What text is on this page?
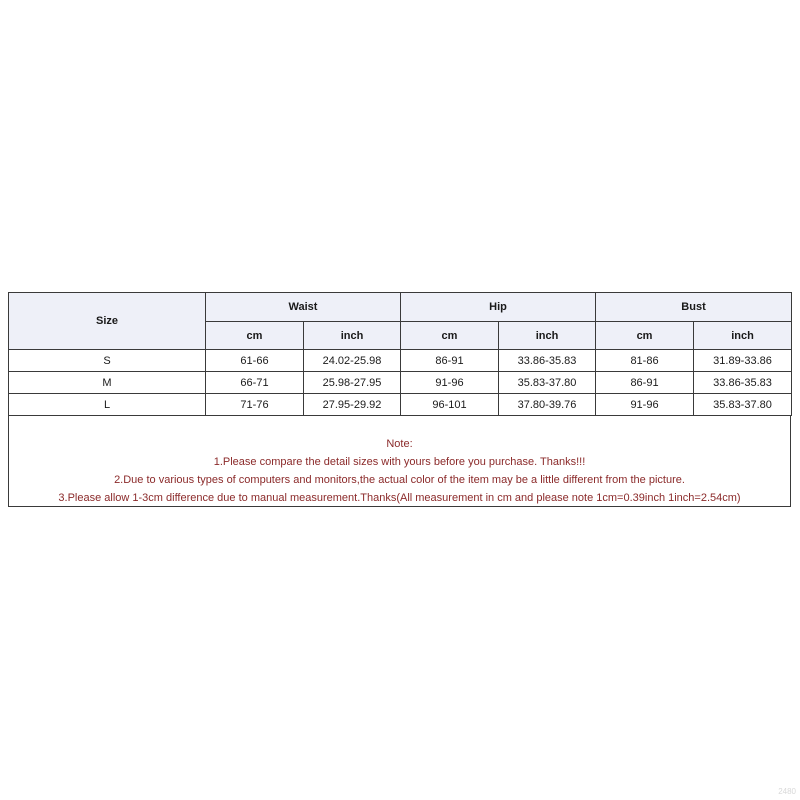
Size	Waist		Hip		Bust	
	cm	inch	cm	inch	cm	inch
S	61-66	24.02-25.98	86-91	33.86-35.83	81-86	31.89-33.86
M	66-71	25.98-27.95	91-96	35.83-37.80	86-91	33.86-35.83
L	71-76	27.95-29.92	96-101	37.80-39.76	91-96	35.83-37.80
Note:
1.Please compare the detail sizes with yours before you purchase. Thanks!!!
2.Due to various types of computers and monitors,the actual color of the item may be a little different from the picture.
3.Please allow 1-3cm difference due to manual measurement.Thanks(All measurement in cm and please note 1cm=0.39inch 1inch=2.54cm)
2480
